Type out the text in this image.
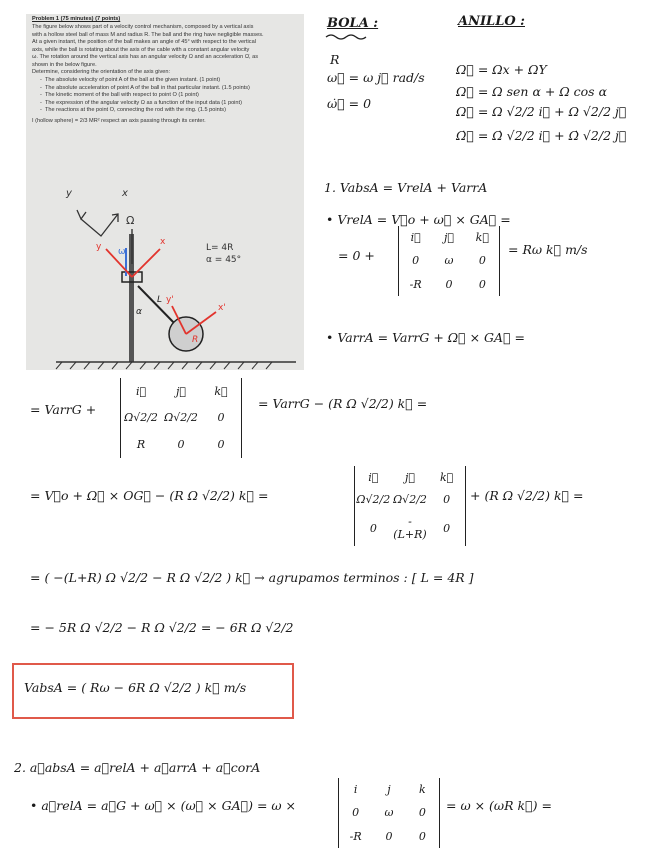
Problem 1 (75 minutes) (7 points)
The figure below shows part of a velocity control mechanism, composed by a vertical axis
with a hollow steel ball of mass M and radius R. The ball and the ring have negligible masses.
At a given instant, the position of the ball makes an angle of 45° with respect to the vertical
axis, while the ball is rotating about the axis of the cable with a constant angular velocity
ω. The rotation around the vertical axis has an angular velocity Ω and an acceleration Ω̇, as
shown in the below figure.
Determine, considering the orientation of the axis given:
-  The absolute velocity of point A of the ball at the given instant. (1 point)
-  The absolute acceleration of point A of the ball in that particular instant. (1.5 points)
-  The kinetic moment of the ball with respect to point O (1 point)
-  The expression of the angular velocity Ω as a function of the input data (1 point)
-  The reactions at the point O, connecting the rod with the ring. (1.5 points)
I (hollow sphere) = 2/3 MR² respect an axis passing through its center.
y	x
Ω
ω
y	x
L
α	x'
y'
R
L= 4R
α = 45°
BOLA :
R
ω⃗ = ω j⃗ rad/s
ω̇⃗ = 0
ANILLO :
Ω⃗ = Ωx + ΩY
Ω⃗ = Ω sen α + Ω cos α
Ω⃗ = Ω √2/2 i⃗ + Ω √2/2 j⃗
Ω̇⃗ = Ω̇ √2/2 i⃗ + Ω̇ √2/2 j⃗
1. VabsA = VrelA + VarrA
• VrelA = V⃗o + ω⃗ × GA⃗ =
= 0 +
i⃗	j⃗	k⃗
0	ω	0
-R	0	0
= Rω k⃗ m/s
• VarrA = VarrG + Ω⃗ × GA⃗ =
= VarrG +
i⃗	j⃗	k⃗
Ω√2/2 Ω√2/2	0
R	0	0
= VarrG − (R Ω √2/2) k⃗ =
= V⃗o + Ω⃗ × OG⃗ − (R Ω √2/2) k⃗ =
i⃗	j⃗	k⃗
Ω√2/2 Ω√2/2	0
0	-(L+R)	0
+ (R Ω √2/2) k⃗ =
= ( −(L+R) Ω √2/2 − R Ω √2/2 ) k⃗ → agrupamos terminos : [ L = 4R ]
= − 5R Ω √2/2 − R Ω √2/2 = − 6R Ω √2/2
VabsA = ( Rω − 6R Ω √2/2 ) k⃗ m/s
2. a⃗absA = a⃗relA + a⃗arrA + a⃗corA
• a⃗relA = a⃗G + ω⃗ × (ω⃗ × GA⃗) = ω ×
i	j	k
0	ω	0
-R	0	0
= ω × (ωR k⃗) =
